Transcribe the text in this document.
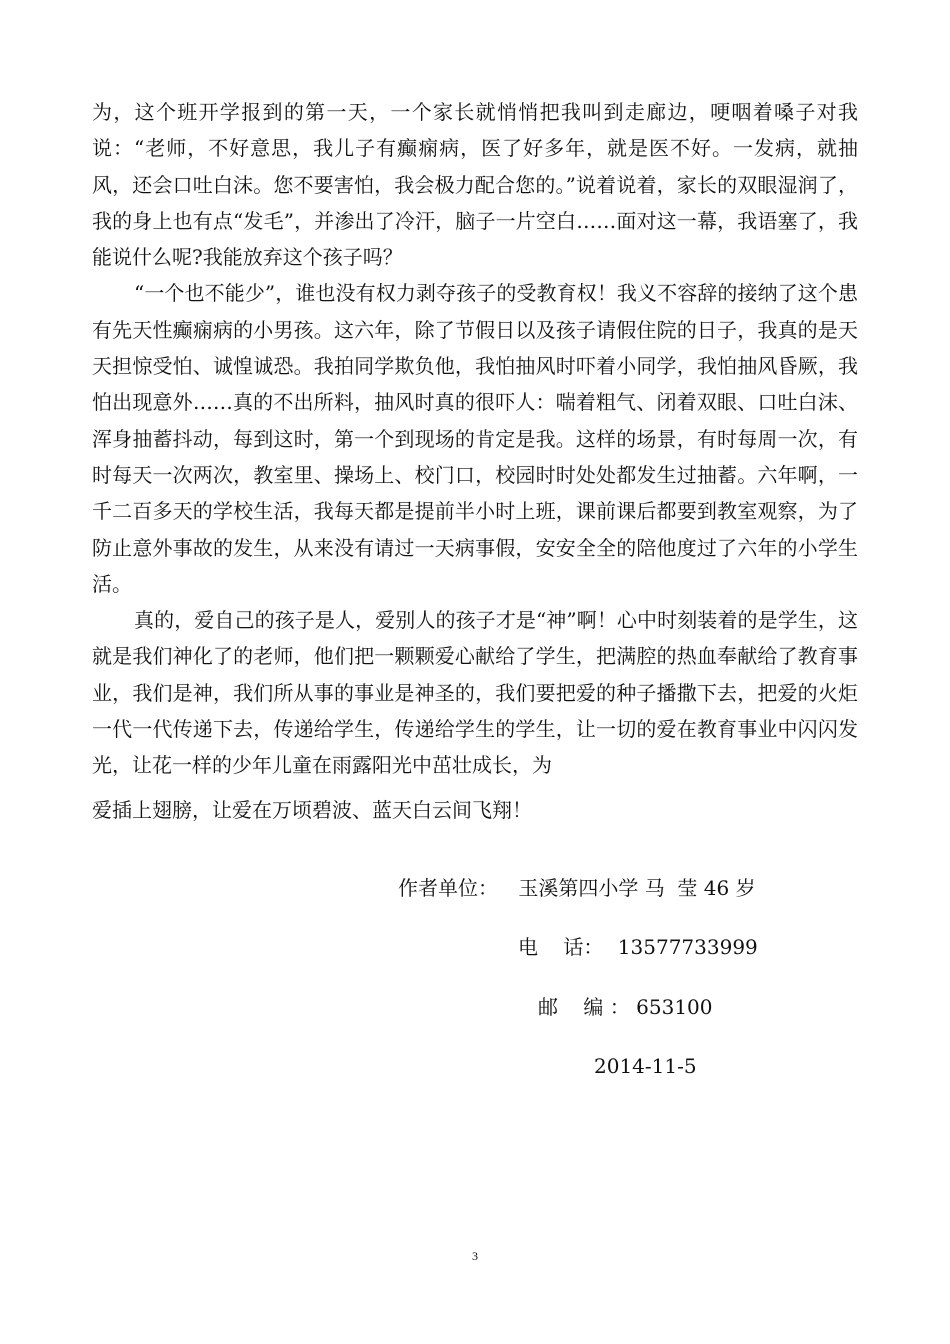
为，这个班开学报到的第一天，一个家长就悄悄把我叫到走廊边，哽咽着嗓子对我说：“老师，不好意思，我儿子有癫痫病，医了好多年，就是医不好。一发病，就抽风，还会口吐白沫。您不要害怕，我会极力配合您的。”说着说着，家长的双眼湿润了，我的身上也有点“发毛”，并渗出了冷汗，脑子一片空白……面对这一幕，我语塞了，我能说什么呢?我能放弃这个孩子吗？

“一个也不能少”，谁也没有权力剥夺孩子的受教育权！我义不容辞的接纳了这个患有先天性癫痫病的小男孩。这六年，除了节假日以及孩子请假住院的日子，我真的是天天担惊受怕、诚惶诚恐。我拍同学欺负他，我怕抽风时吓着小同学，我怕抽风昏厥，我怕出现意外……真的不出所料，抽风时真的很吓人：喘着粗气、闭着双眼、口吐白沫、浑身抽蓄抖动，每到这时，第一个到现场的肯定是我。这样的场景，有时每周一次，有时每天一次两次，教室里、操场上、校门口，校园时时处处都发生过抽蓄。六年啊，一千二百多天的学校生活，我每天都是提前半小时上班，课前课后都要到教室观察，为了防止意外事故的发生，从来没有请过一天病事假，安安全全的陪他度过了六年的小学生活。

真的，爱自己的孩子是人，爱别人的孩子才是“神”啊！心中时刻装着的是学生，这就是我们神化了的老师，他们把一颗颗爱心献给了学生，把满腔的热血奉献给了教育事业，我们是神，我们所从事的事业是神圣的，我们要把爱的种子播撒下去，把爱的火炬一代一代传递下去，传递给学生，传递给学生的学生，让一切的爱在教育事业中闪闪发光，让花一样的少年儿童在雨露阳光中茁壮成长，为

爱插上翅膀，让爱在万顷碧波、蓝天白云间飞翔！

作者单位： 玉溪第四小学 马  莹 46 岁
电    话： 13577733999
邮    编 ： 653100
2014-11-5
3
